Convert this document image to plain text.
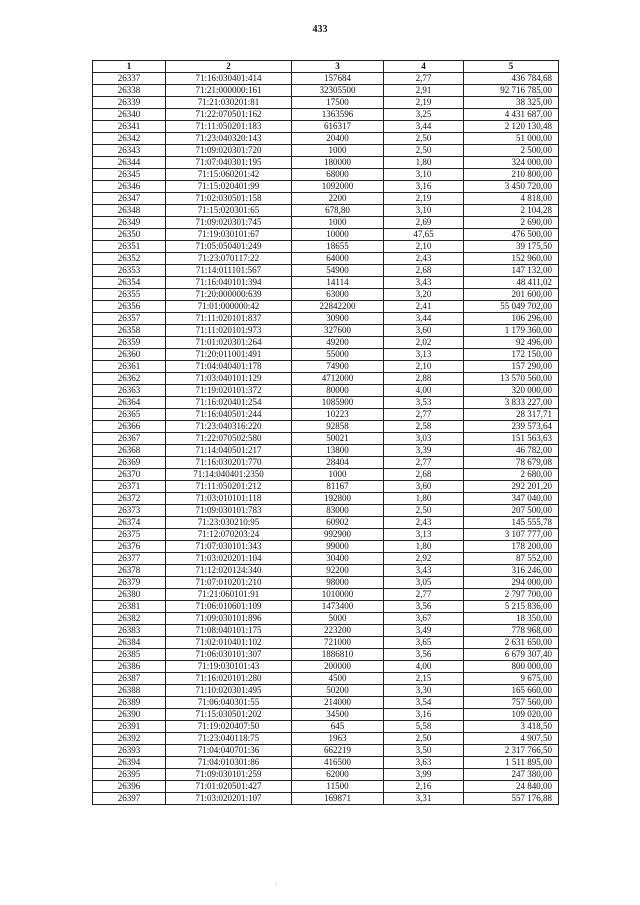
433
1	2	3	4	5
26337	71:16:030401:414	157684	2,77	436 784,68
26338	71:21:000000:161	32305500	2,91	92 716 785,00
26339	71:21:030201:81	17500	2,19	38 325,00
26340	71:22:070501:162	1363596	3,25	4 431 687,00
26341	71:11:050201:183	616317	3,44	2 120 130,48
26342	71:23:040320:143	20400	2,50	51 000,00
26343	71:09:020301:720	1000	2,50	2 500,00
26344	71:07:040301:195	180000	1,80	324 000,00
26345	71:15:060201:42	68000	3,10	210 800,00
26346	71:15:020401:99	1092000	3,16	3 450 720,00
26347	71:02:030501:158	2200	2,19	4 818,00
26348	71:15:020301:65	678,80	3,10	2 104,28
26349	71:09:020301:745	1000	2,69	2 690,00
26350	71:19:030101:67	10000	47,65	476 500,00
26351	71:05:050401:249	18655	2,10	39 175,50
26352	71:23:070117:22	64000	2,43	152 960,00
26353	71:14:011101:567	54900	2,68	147 132,00
26354	71:16:040101:394	14114	3,43	48 411,02
26355	71:20:000000:639	63000	3,20	201 600,00
26356	71:01:000000:42	22842200	2,41	55 049 702,00
26357	71:11:020101:837	30900	3,44	106 296,00
26358	71:11:020101:973	327600	3,60	1 179 360,00
26359	71:01:020301:264	49200	2,02	92 496,00
26360	71:20:011001:491	55000	3,13	172 150,00
26361	71:04:040401:178	74900	2,10	157 290,00
26362	71:03:040101:129	4712000	2,88	13 570 560,00
26363	71:19:020101:372	80000	4,00	320 000,00
26364	71:16:020401:254	1085900	3,53	3 833 227,00
26365	71:16:040501:244	10223	2,77	28 317,71
26366	71:23:040316:220	92858	2,58	239 573,64
26367	71:22:070502:580	50021	3,03	151 563,63
26368	71:14:040501:217	13800	3,39	46 782,00
26369	71:16:030201:770	28404	2,77	78 679,08
26370	71:14:040401:2350	1000	2,68	2 680,00
26371	71:11:050201:212	81167	3,60	292 201,20
26372	71:03:010101:118	192800	1,80	347 040,00
26373	71:09:030101:783	83000	2,50	207 500,00
26374	71:23:030210:95	60902	2,43	145 555,78
26375	71:12:070203:24	992900	3,13	3 107 777,00
26376	71:07:030101:343	99000	1,80	178 200,00
26377	71:03:020201:104	30400	2,92	87 552,00
26378	71:12:020124:340	92200	3,43	316 246,00
26379	71:07:010201:210	98000	3,05	294 000,00
26380	71:21:060101:91	1010000	2,77	2 797 700,00
26381	71:06:010601:109	1473400	3,56	5 215 836,00
26382	71:09:030101:896	5000	3,67	18 350,00
26383	71:08:040101:175	223200	3,49	778 968,00
26384	71:02:010401:102	721000	3,65	2 631 650,00
26385	71:06:030101:307	1886810	3,56	6 679 307,40
26386	71:19:030101:43	200000	4,00	800 000,00
26387	71:16:020101:280	4500	2,15	9 675,00
26388	71:10:020301:495	50200	3,30	165 660,00
26389	71:06:040301:55	214000	3,54	757 560,00
26390	71:15:030501:202	34500	3,16	109 020,00
26391	71:19:020407:50	645	5,58	3 418,50
26392	71:23:040118:75	1963	2,50	4 907,50
26393	71:04:040701:36	662219	3,50	2 317 766,50
26394	71:04:010301:86	416500	3,63	1 511 895,00
26395	71:09:030101:259	62000	3,99	247 380,00
26396	71:01:020501:427	11500	2,16	24 840,00
26397	71:03:020201:107	169871	3,31	557 176,88
·
·
